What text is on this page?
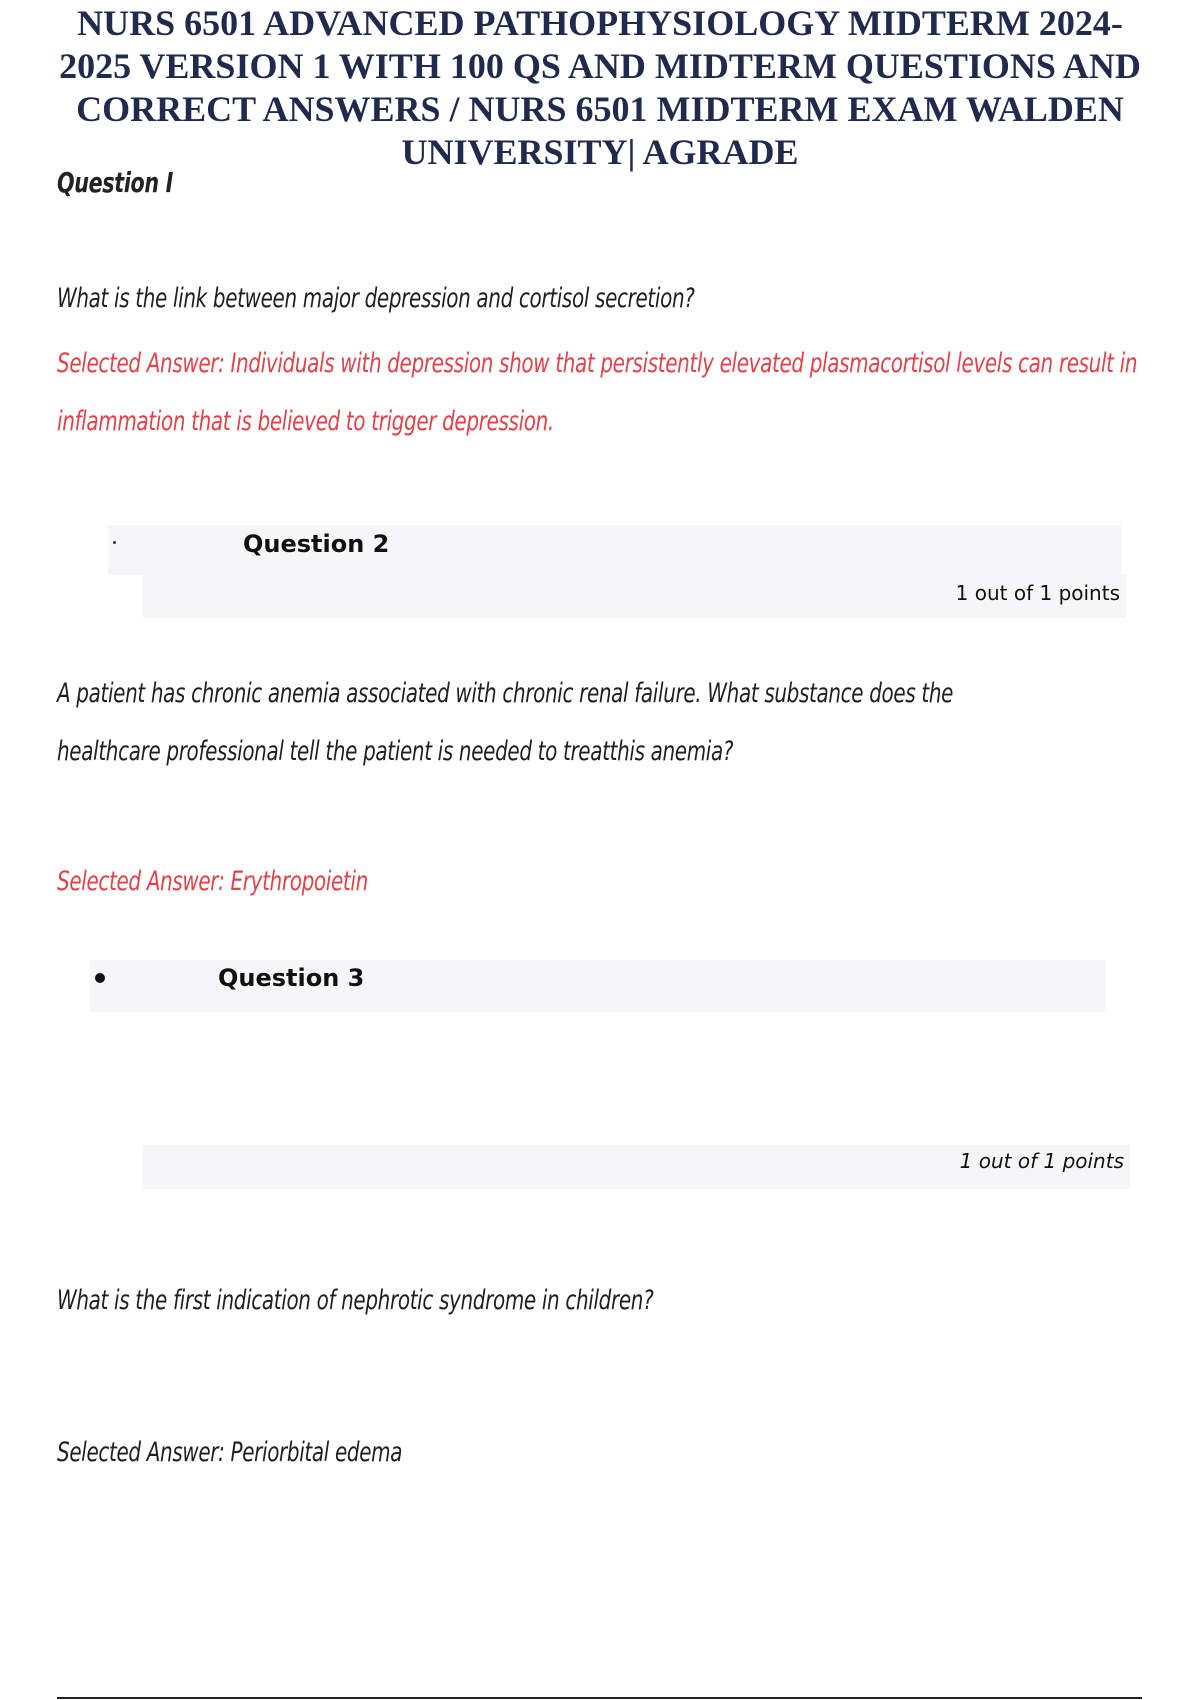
NURS 6501 ADVANCED PATHOPHYSIOLOGY MIDTERM 2024-2025 VERSION 1 WITH 100 QS AND MIDTERM QUESTIONS AND CORRECT ANSWERS / NURS 6501 MIDTERM EXAM WALDEN UNIVERSITY| AGRADE
Question I
What is the link between major depression and cortisol secretion?
Selected Answer: Individuals with depression show that persistently elevated plasmacortisol levels can result in
inflammation that is believed to trigger depression.
Question 2
1 out of 1 points
A patient has chronic anemia associated with chronic renal failure. What substance does the
healthcare professional tell the patient is needed to treatthis anemia?
Selected Answer: Erythropoietin
Question 3
1 out of 1 points
What is the first indication of nephrotic syndrome in children?
Selected Answer: Periorbital edema
